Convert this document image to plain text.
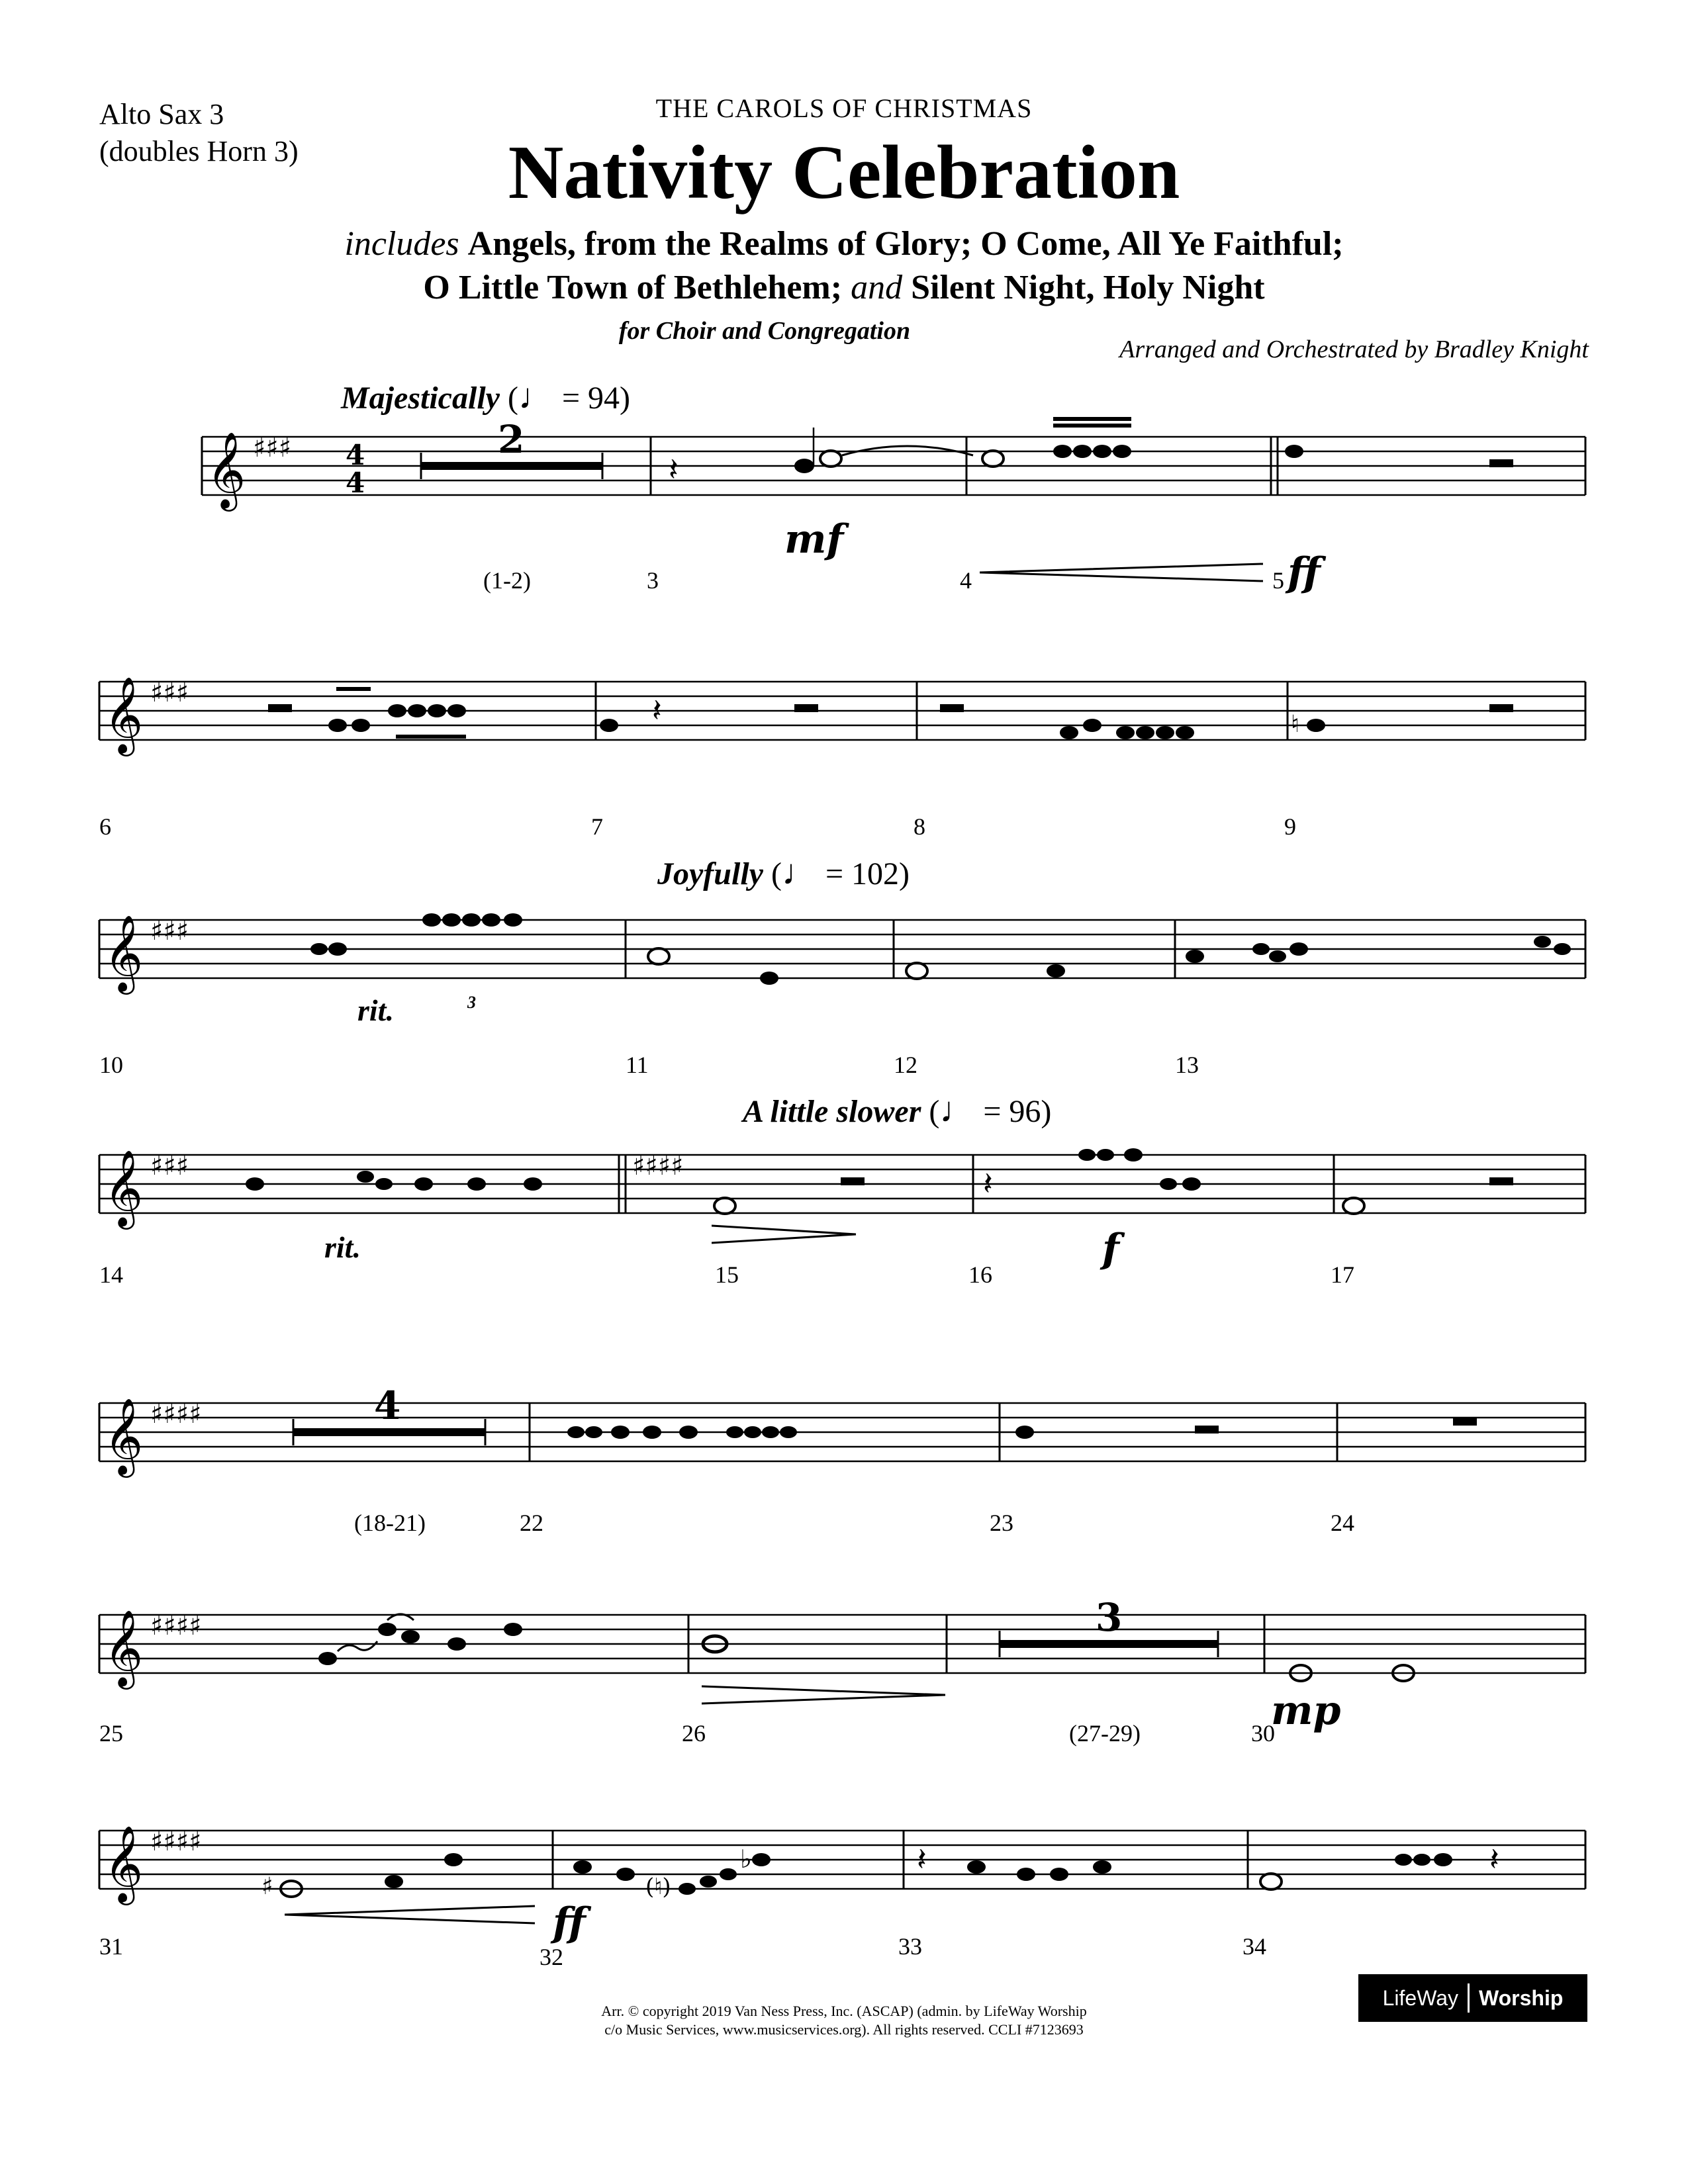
Alto Sax 3
(doubles Horn 3)
THE CAROLS OF CHRISTMAS
Nativity Celebration
includes Angels, from the Realms of Glory; O Come, All Ye Faithful;
O Little Town of Bethlehem; and Silent Night, Holy Night
for Choir and Congregation
Arranged and Orchestrated by Bradley Knight
Majestically (♩ = 94)
Joyfully (♩ = 102)
A little slower (♩ = 96)
𝄞 ♯♯♯ 4
4	𝄽
2
(1-2)	3	4	5
mf
ff
𝄞 ♯♯♯	𝄽	♮
6	7	8	9
𝄞 ♯♯♯
rit.	3
10	11	12	13
𝄞 ♯♯♯	♯♯♯♯	𝄽
rit.	f
14	15	16	17
𝄞 ♯♯♯♯	4
(18-21)	22	23	24
𝄞 ♯♯♯♯	3
mp
25	26	(27-29)	30
𝄞 ♯♯♯♯
♯	(♮)
♭	𝄽	𝄽
ff
31	32	33	34
Arr. © copyright 2019 Van Ness Press, Inc. (ASCAP) (admin. by LifeWay Worship
c/o Music Services, www.musicservices.org). All rights reserved. CCLI #7123693
LifeWay Worship
